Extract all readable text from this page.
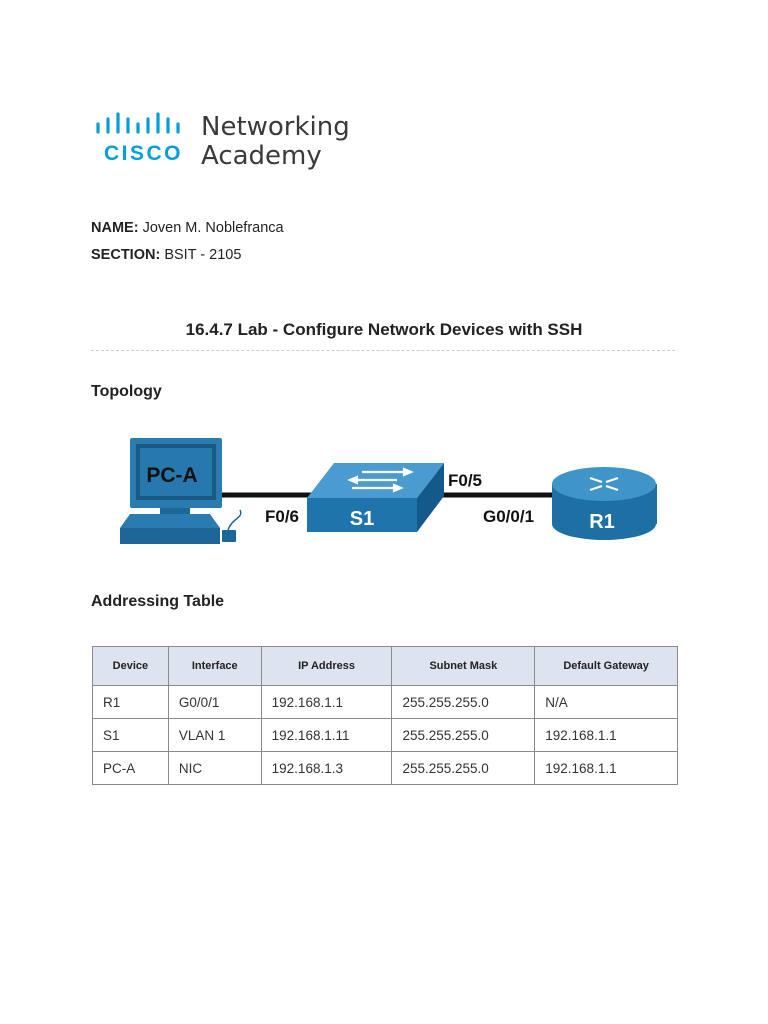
CISCO
Networking
Academy
NAME: Joven M. Noblefranca
SECTION: BSIT - 2105
16.4.7 Lab - Configure Network Devices with SSH
Topology
PC-A
S1	R1
F0/6
F0/5
G0/0/1
Addressing Table
Device	Interface	IP Address	Subnet Mask	Default Gateway
R1	G0/0/1	192.168.1.1	255.255.255.0	N/A
S1	VLAN 1	192.168.1.11	255.255.255.0	192.168.1.1
PC-A	NIC	192.168.1.3	255.255.255.0	192.168.1.1
